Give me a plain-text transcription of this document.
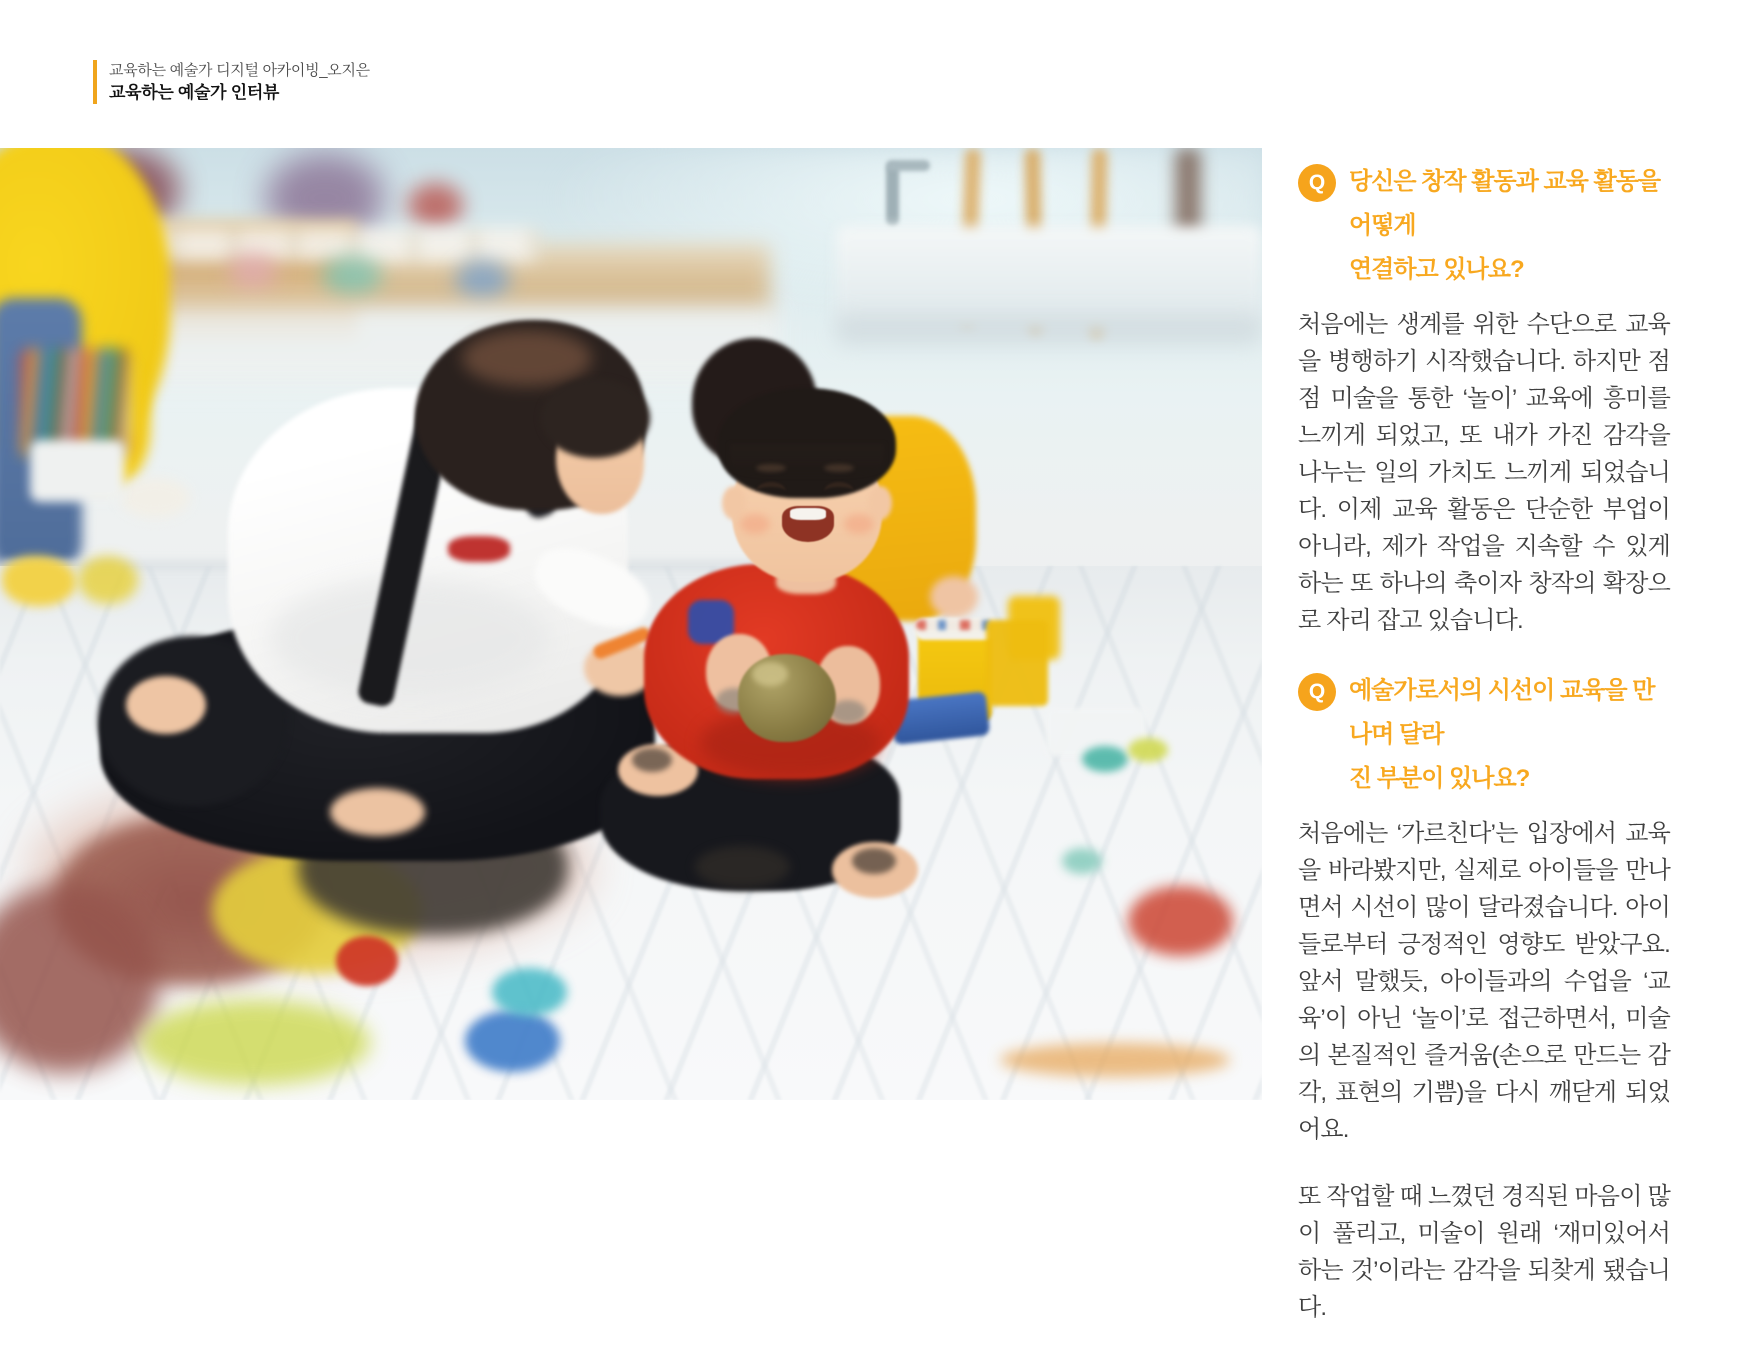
교육하는 예술가 디지털 아카이빙_오지은
교육하는 예술가 인터뷰
Q 당신은 창작 활동과 교육 활동을 어떻게
연결하고 있나요?

처음에는 생계를 위한 수단으로 교육을 병행하기 시작했습니다. 하지만 점점 미술을 통한 ‘놀이’ 교육에 흥미를 느끼게 되었고, 또 내가 가진 감각을 나누는 일의 가치도 느끼게 되었습니다. 이제 교육 활동은 단순한 부업이 아니라, 제가 작업을 지속할 수 있게 하는 또 하나의 축이자 창작의 확장으로 자리 잡고 있습니다.

Q 예술가로서의 시선이 교육을 만나며 달라
진 부분이 있나요?

처음에는 ‘가르친다’는 입장에서 교육을 바라봤지만, 실제로 아이들을 만나면서 시선이 많이 달라졌습니다. 아이들로부터 긍정적인 영향도 받았구요. 앞서 말했듯, 아이들과의 수업을 ‘교육’이 아닌 ‘놀이’로 접근하면서, 미술의 본질적인 즐거움(손으로 만드는 감각, 표현의 기쁨)을 다시 깨닫게 되었어요.

또 작업할 때 느꼈던 경직된 마음이 많이 풀리고, 미술이 원래 ‘재미있어서 하는 것’이라는 감각을 되찾게 됐습니다.
